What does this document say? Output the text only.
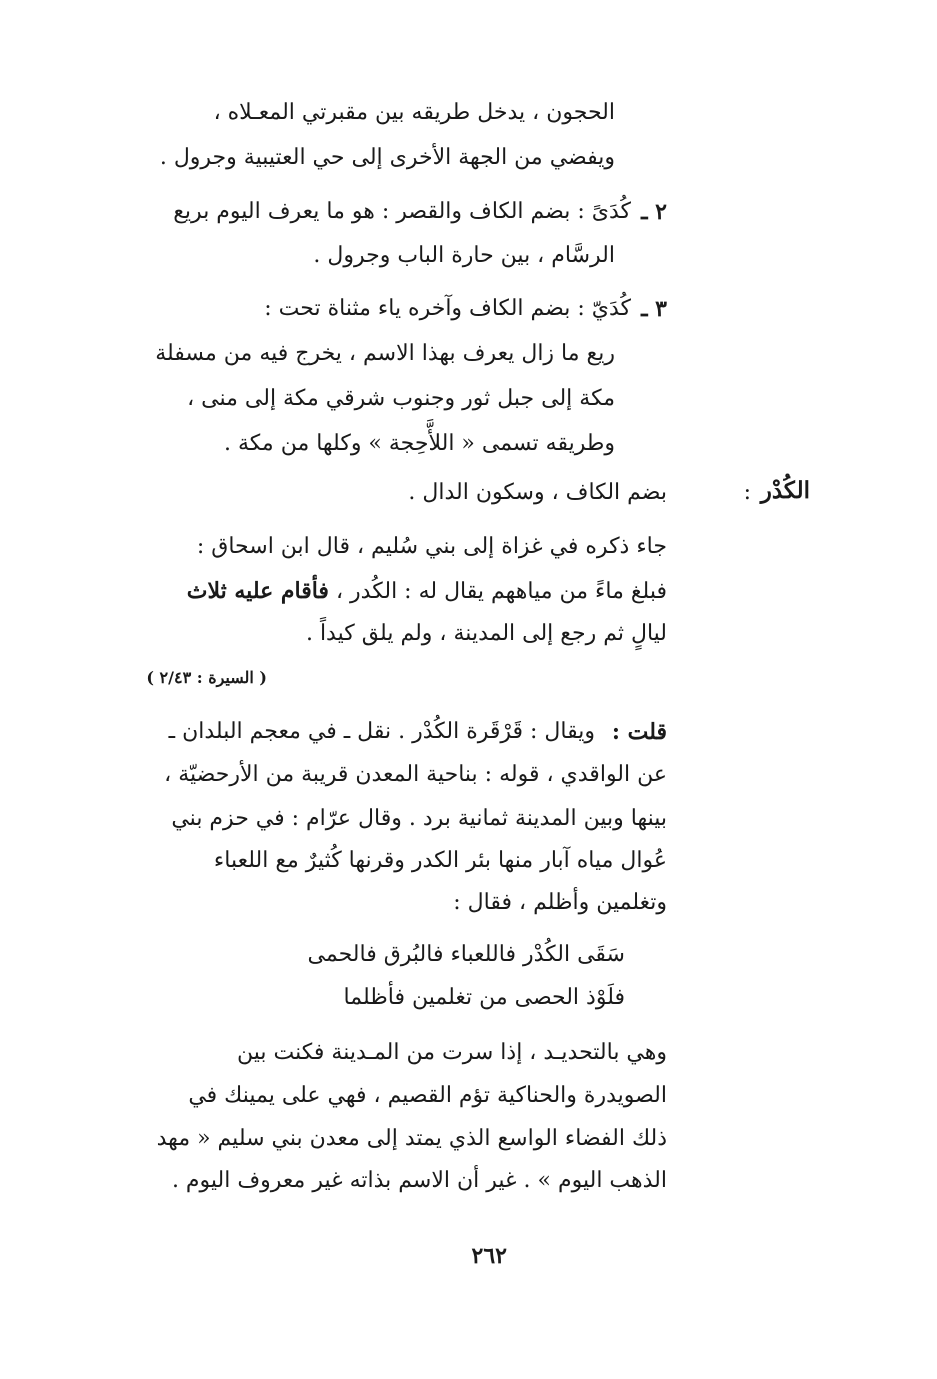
الحجون ، يدخل طريقه بين مقبرتي المعـلاه ،
ويفضي من الجهة الأخرى إلى حي العتيبية وجرول .
٢ ـ
كُدَىً : بضم الكاف والقصر : هو ما يعرف اليوم بريع
الرسَّام ، بين حارة الباب وجرول .
٣ ـ
كُدَيّ : بضم الكاف وآخره ياء مثناة تحت :
ريع ما زال يعرف بهذا الاسم ، يخرج فيه من مسفلة
مكة إلى جبل ثور وجنوب شرقي مكة إلى منى ،
وطريقه تسمى « اللأَّحِجة » وكلها من مكة .
الكُدْر
:
بضم الكاف ، وسكون الدال .
جاء ذكره في غزاة إلى بني سُليم ، قال ابن اسحاق :
فبلغ ماءً من مياههم يقال له : الكُدر ، فأقام عليه ثلاث
ليالٍ ثم رجع إلى المدينة ، ولم يلق كيداً .
( السيرة : ٢/٤٣ )
قلت :
ويقال : قَرْقَرة الكُدْر . نقل ـ في معجم البلدان ـ
عن الواقدي ، قوله : بناحية المعدن قريبة من الأرحضيّة ،
بينها وبين المدينة ثمانية برد . وقال عرّام : في حزم بني
عُوال مياه آبار منها بئر الكدر وقرنها كُثيرٌ مع اللعباء
وتغلمين وأظلم ، فقال :
سَقَى الكُدْر فاللعباء فالبُرق فالحمى
فلَوْذ الحصى من تغلمين فأظلما
وهي بالتحديـد ، إذا سرت من المـدينة فكنت بين
الصويدرة والحناكية تؤم القصيم ، فهي على يمينك في
ذلك الفضاء الواسع الذي يمتد إلى معدن بني سليم « مهد
الذهب اليوم » . غير أن الاسم بذاته غير معروف اليوم .
٢٦٢
